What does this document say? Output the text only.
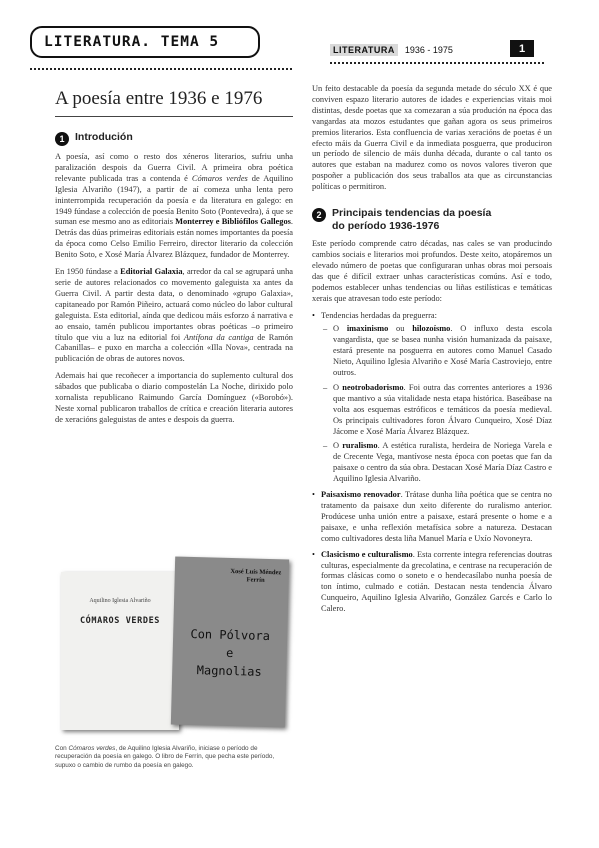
LITERATURA. TEMA 5	LITERATURA	1936 - 1975	1
A poesía entre 1936 e 1976
1	Introdución

A poesía, así como o resto dos xéneros literarios, sufriu unha paralización despois da Guerra Civil. A primeira obra poética relevante publicada tras a contenda é Cómaros verdes de Aquilino Iglesia Alvariño (1947), a partir de aí comeza unha lenta pero ininterrompida recuperación da poesía e da literatura en galego: en 1949 fúndase a colección de poesía Benito Soto (Pontevedra), á que se suman ese mesmo ano as editoriais Monterrey e Bibliófilos Gallegos. Detrás das dúas primeiras editoriais están nomes importantes da poesía da época como Celso Emilio Ferreiro, director literario da colección Benito Soto, e Xosé María Álvarez Blázquez, fundador de Monterrey.

En 1950 fúndase a Editorial Galaxia, arredor da cal se agrupará unha serie de autores relacionados co movemento galeguista xa antes da Guerra Civil. A partir desta data, o denominado «grupo Galaxia», capitaneado por Ramón Piñeiro, actuará como núcleo do labor cultural galeguista. Esta editorial, aínda que dedicou máis esforzo á narrativa e ao ensaio, tamén publicou importantes obras poéticas –o primeiro título que viu a luz na editorial foi Antífona da cantiga de Ramón Cabanillas– e puxo en marcha a colección «Illa Nova», centrada na publicación de obras de autores novos.

Ademais hai que recoñecer a importancia do suplemento cultural dos sábados que publicaba o diario compostelán La Noche, dirixido polo xornalista republicano Raimundo García Domínguez («Borobó»). Neste xornal publicaron traballos de crítica e creación literaria autores de xeracións galeguistas de antes e despois da guerra.

Aquilino Iglesia Alvariño
CÓMAROS VERDES
Xosé Luís Méndez Ferrín
Con Pólvora
e
Magnolias

Con Cómaros verdes, de Aquilino Iglesia Alvariño, iniciase o período de recuperación da poesía en galego. O libro de Ferrín, que pecha este período, supuxo o cambio de rumbo da poesía en galego.

Un feito destacable da poesía da segunda metade do século XX é que conviven espazo literario autores de idades e experiencias vitais moi distintas, desde poetas que xa comezaran a súa produción na época das vangardas ata mozos estudantes que gañan agora os seus primeiros premios literarios. Esta confluencia de varias xeracións de poetas é un efecto máis da Guerra Civil e da inmediata posguerra, que produciron un período de silencio de máis dunha década, durante o cal tanto os autores que estaban na madurez como os novos valores tiveron que pospoñer a publicación dos seus traballos ata que as circunstancias políticas o permitiron.

2	Principais tendencias da poesía
do período 1936-1976

Este período comprende catro décadas, nas cales se van producindo cambios sociais e literarios moi profundos. Deste xeito, atopáremos un elevado número de poetas que configuraran unhas obras moi persoais das que é difícil extraer unhas características comúns. Así e todo, podemos establecer unhas tendencias ou liñas estilísticas e temáticas xerais que atravesan todo este período:

• Tendencias herdadas da preguerra:
– O imaxinismo ou hilozoísmo. O influxo desta escola vangardista, que se basea nunha visión humanizada da paisaxe, estará presente na posguerra en autores como Manuel Casado Nieto, Aquilino Iglesia Alvariño e Xosé María Castroviejo, entre outros.
– O neotrobadorismo. Foi outra das correntes anteriores a 1936 que mantivo a súa vitalidade nesta etapa histórica. Baseábase na volta aos esquemas estróficos e temáticos da poesía medieval. Os principais cultivadores foron Álvaro Cunqueiro, Xosé Díaz Jácome e Xosé María Álvarez Blázquez.
– O ruralismo. A estética ruralista, herdeira de Noriega Varela e de Crecente Vega, mantívose nesta época con poetas que fan da paisaxe o centro da súa obra. Destacan Xosé María Díaz Castro e Aquilino Iglesia Alvariño.
• Paisaxismo renovador. Trátase dunha liña poética que se centra no tratamento da paisaxe dun xeito diferente do ruralismo anterior. Prodúcese unha unión entre a paisaxe, estará presente o home e a paisaxe, e unha reflexión metafísica sobre a natureza. Destacan como cultivadores desta liña Manuel María e Uxío Novoneyra.
• Clasicismo e culturalismo. Esta corrente integra referencias doutras culturas, especialmente da grecolatina, e centrase na recuperación de formas clásicas como o soneto e o hendecasílabo nunha poesía de ton íntimo, culmado e cotián. Destacan nesta tendencia Álvaro Cunqueiro, Aquilino Iglesia Alvariño, González Garcés e Carlo lo Calero.
